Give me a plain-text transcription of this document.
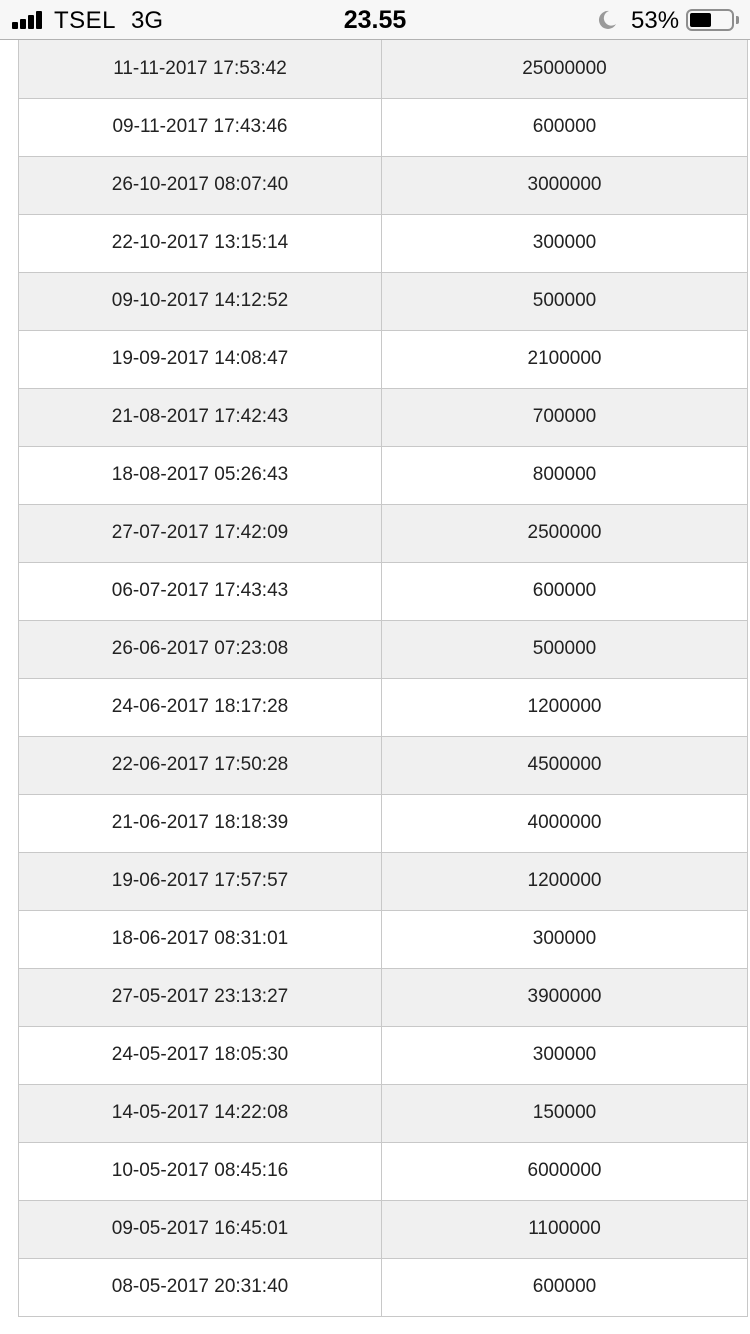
TSEL 3G	23.55	53%
11-11-2017 17:53:42	25000000
09-11-2017 17:43:46	600000
26-10-2017 08:07:40	3000000
22-10-2017 13:15:14	300000
09-10-2017 14:12:52	500000
19-09-2017 14:08:47	2100000
21-08-2017 17:42:43	700000
18-08-2017 05:26:43	800000
27-07-2017 17:42:09	2500000
06-07-2017 17:43:43	600000
26-06-2017 07:23:08	500000
24-06-2017 18:17:28	1200000
22-06-2017 17:50:28	4500000
21-06-2017 18:18:39	4000000
19-06-2017 17:57:57	1200000
18-06-2017 08:31:01	300000
27-05-2017 23:13:27	3900000
24-05-2017 18:05:30	300000
14-05-2017 14:22:08	150000
10-05-2017 08:45:16	6000000
09-05-2017 16:45:01	1100000
08-05-2017 20:31:40	600000
